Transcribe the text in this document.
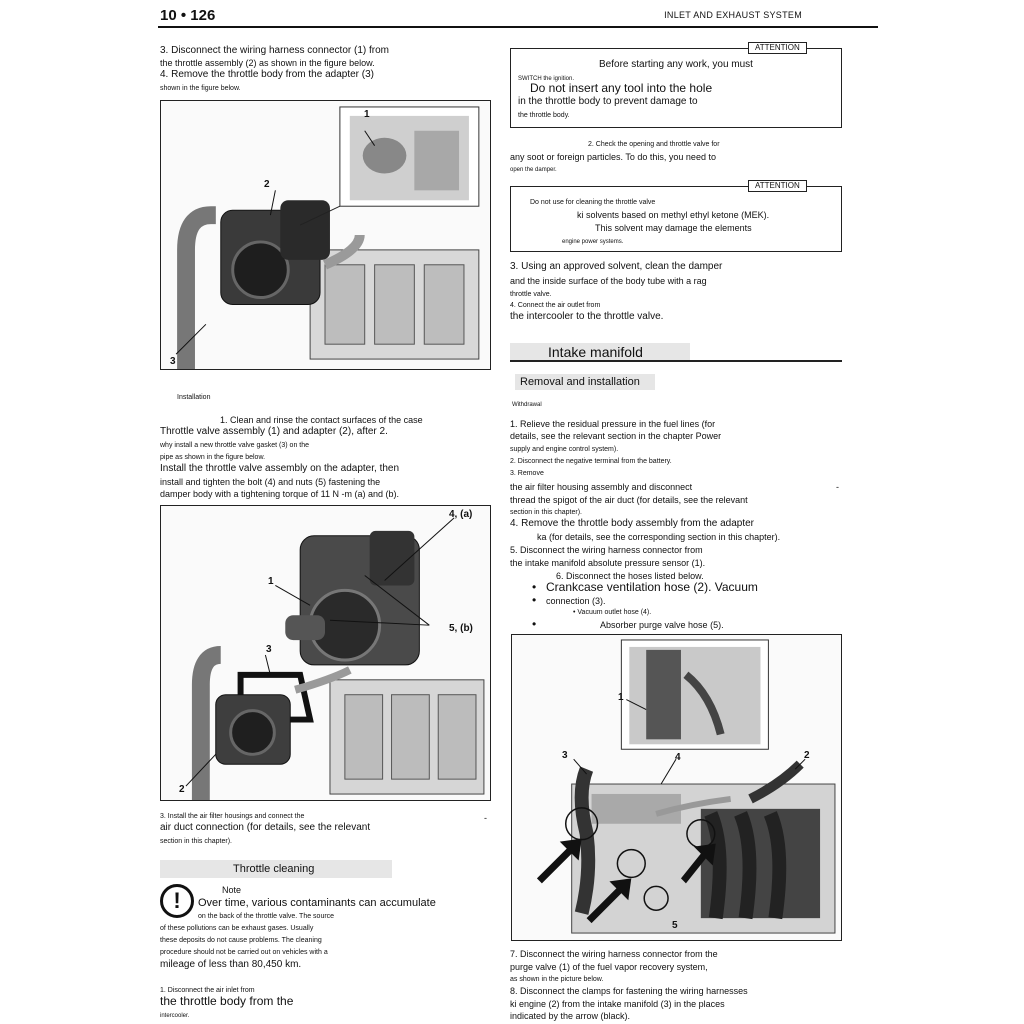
10 • 126	INLET AND EXHAUST SYSTEM
3. Disconnect the wiring harness connector (1) from
the throttle assembly (2) as shown in the figure below.
4. Remove the throttle body from the adapter (3)
shown in the figure below.
1
2
3
Installation
1. Clean and rinse the contact surfaces of the case
Throttle valve assembly (1) and adapter (2), after 2.
why install a new throttle valve gasket (3) on the
pipe as shown in the figure below.
Install the throttle valve assembly on the adapter, then
install and tighten the bolt (4) and nuts (5) fastening the
damper body with a tightening torque of 11 N -m (a) and (b).
4, (a)
1
5, (b)
3
2
3. Install the air filter housings and connect the
air duct connection (for details, see the relevant
section in this chapter).
-
Throttle cleaning
!	Note
Over time, various contaminants can accumulate
on the back of the throttle valve. The source
of these pollutions can be exhaust gases. Usually
these deposits do not cause problems. The cleaning
procedure should not be carried out on vehicles with a
mileage of less than 80,450 km.
1. Disconnect the air inlet from
the throttle body from the
intercooler.
ATTENTION
Before starting any work, you must
SWITCH the ignition.
Do not insert any tool into the hole
in the throttle body to prevent damage to
the throttle body.
2. Check the opening and throttle valve for
any soot or foreign particles. To do this, you need to
open the damper.
ATTENTION
Do not use for cleaning the throttle valve
ki solvents based on methyl ethyl ketone (MEK).
This solvent may damage the elements
engine power systems.
3. Using an approved solvent, clean the damper
and the inside surface of the body tube with a rag
throttle valve.
4. Connect the air outlet from
the intercooler to the throttle valve.
Intake manifold
Removal and installation
Withdrawal
1. Relieve the residual pressure in the fuel lines (for
details, see the relevant section in the chapter Power
supply and engine control system).
2. Disconnect the negative terminal from the battery.
3. Remove
the air filter housing assembly and disconnect	-
thread the spigot of the air duct (for details, see the relevant
section in this chapter).
4. Remove the throttle body assembly from the adapter
ka (for details, see the corresponding section in this chapter).
5. Disconnect the wiring harness connector from
the intake manifold absolute pressure sensor (1).
6. Disconnect the hoses listed below.
• Crankcase ventilation hose (2). Vacuum
• connection (3).
• Vacuum outlet hose (4).
•	Absorber purge valve hose (5).
1
3	4	2
5
7. Disconnect the wiring harness connector from the
purge valve (1) of the fuel vapor recovery system,
as shown in the picture below.
8. Disconnect the clamps for fastening the wiring harnesses
ki engine (2) from the intake manifold (3) in the places
indicated by the arrow (black).
